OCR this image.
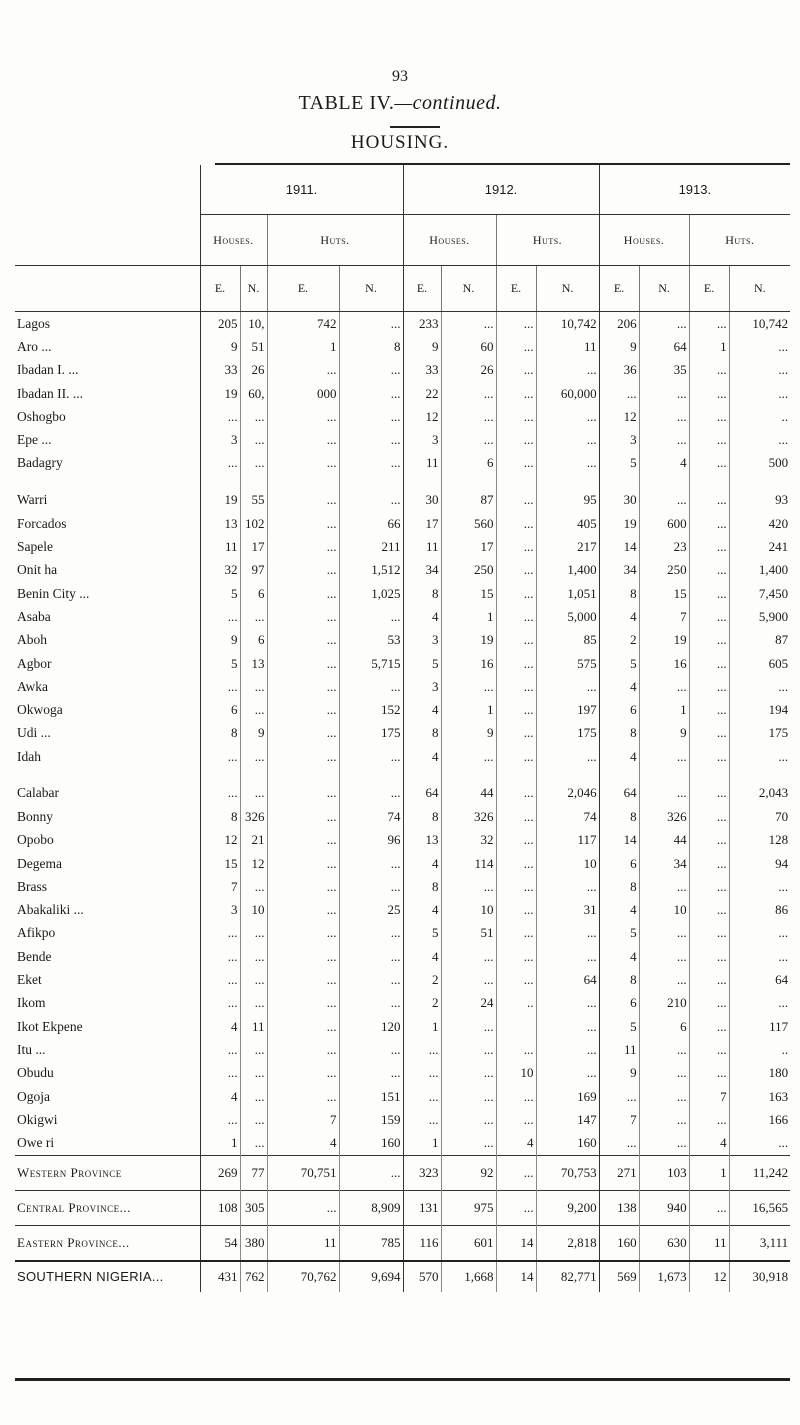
93
TABLE IV.—continued.
HOUSING.
	1911.				1912.				1913.			
	Houses.		Huts.		Houses.		Huts.		Houses.		Huts.	
	E.	N.	E.	N.	E.	N.	E.	N.	E.	N.	E.	N.
Lagos	205	10,	742	...	233	...	...	10,742	206	...	...	10,742
Aro ...	9	51	1	8	9	60	...	11	9	64	1	...
Ibadan I. ...	33	26	...	...	33	26	...	...	36	35	...	...
Ibadan II. ...	19	60,	000	...	22	...	...	60,000	...	...	...	...
Oshogbo	...	...	...	...	12	...	...	...	12	...	...	..
Epe ...	3	...	...	...	3	...	...	...	3	...	...	...
Badagry	...	...	...	...	11	6	...	...	5	4	...	500
Warri	19	55	...	...	30	87	...	95	30	...	...	93
Forcados	13	102	...	66	17	560	...	405	19	600	...	420
Sapele	11	17	...	211	11	17	...	217	14	23	...	241
Onit ha	32	97	...	1,512	34	250	...	1,400	34	250	...	1,400
Benin City ...	5	6	...	1,025	8	15	...	1,051	8	15	...	7,450
Asaba	...	...	...	...	4	1	...	5,000	4	7	...	5,900
Aboh	9	6	...	53	3	19	...	85	2	19	...	87
Agbor	5	13	...	5,715	5	16	...	575	5	16	...	605
Awka	...	...	...	...	3	...	...	...	4	...	...	...
Okwoga	6	...	...	152	4	1	...	197	6	1	...	194
Udi ...	8	9	...	175	8	9	...	175	8	9	...	175
Idah	...	...	...	...	4	...	...	...	4	...	...	...
Calabar	...	...	...	...	64	44	...	2,046	64	...	...	2,043
Bonny	8	326	...	74	8	326	...	74	8	326	...	70
Opobo	12	21	...	96	13	32	...	117	14	44	...	128
Degema	15	12	...	...	4	114	...	10	6	34	...	94
Brass	7	...	...	...	8	...	...	...	8	...	...	...
Abakaliki ...	3	10	...	25	4	10	...	31	4	10	...	86
Afikpo	...	...	...	...	5	51	...	...	5	...	...	...
Bende	...	...	...	...	4	...	...	...	4	...	...	...
Eket	...	...	...	...	2	...	...	64	8	...	...	64
Ikom	...	...	...	...	2	24	..	...	6	210	...	...
Ikot Ekpene	4	11	...	120	1	...		...	5	6	...	117
Itu ...	...	...	...	...	...	...	...	...	11	...	...	..
Obudu	...	...	...	...	...	...	10	...	9	...	...	180
Ogoja	4	...	...	151	...	...	...	169	...	...	7	163
Okigwi	...	...	7	159	...	...	...	147	7	...	...	166
Owe ri	1	...	4	160	1	...	4	160	...	...	4	...
Western Province	269	77	70,751	...	323	92	...	70,753	271	103	1	11,242
Central Province...	108	305	...	8,909	131	975	...	9,200	138	940	...	16,565
Eastern Province...	54	380	11	785	116	601	14	2,818	160	630	11	3,111
SOUTHERN NIGERIA...	431	762	70,762	9,694	570	1,668	14	82,771	569	1,673	12	30,918
